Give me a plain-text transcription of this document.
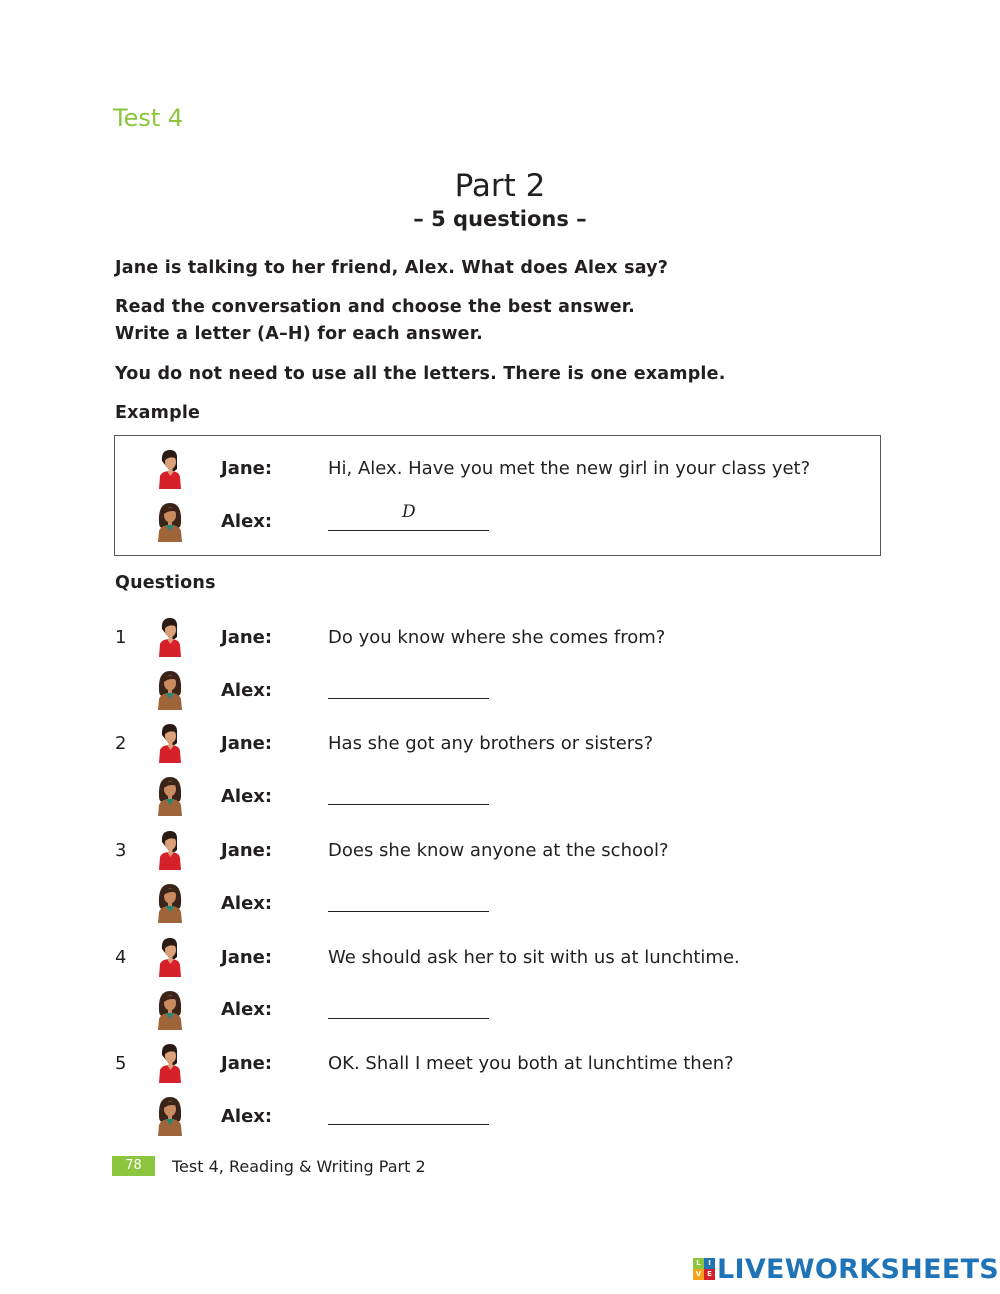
Test 4
Part 2
– 5 questions –
Jane is talking to her friend, Alex. What does Alex say?
Read the conversation and choose the best answer.
Write a letter (A–H) for each answer.
You do not need to use all the letters. There is one example.
Example
Jane:	Hi, Alex. Have you met the new girl in your class yet?
Alex:	D
Questions
1	Jane:	Do you know where she comes from?
Alex:
2	Jane:	Has she got any brothers or sisters?
Alex:
3	Jane:	Does she know anyone at the school?
Alex:
4	Jane:	We should ask her to sit with us at lunchtime.
Alex:
5	Jane:	OK. Shall I meet you both at lunchtime then?
Alex:
78	Test 4, Reading & Writing Part 2
L	I
V E LIVEWORKSHEETS
